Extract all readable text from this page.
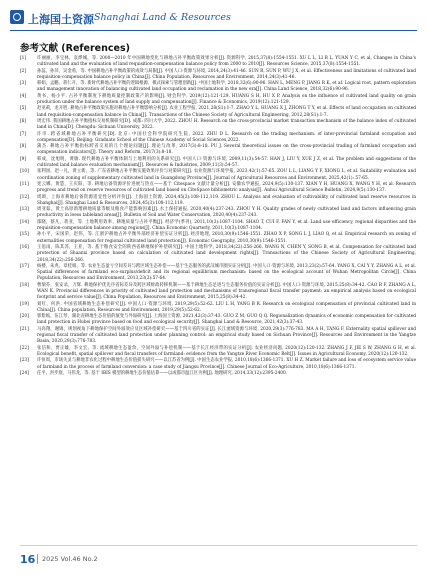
上海国土资源 Shanghai Land & Resources
参考文献 (References)
[1]	许丽丽，李宝林，袁烨城，等. 2000—2010 年中国耕地变化与耕地占补平衡政策效果分析[J]. 资源科学, 2015,37(8):1554-1551. XU L L, LI B L, YUAN Y C, et al. Changes in China's cultivated land and the evaluation of land requisition-compensation balance policy from 2000 to 2010[J]. Resources Science, 2015,37(8):1554-1551.
[2]	孙蕊，孙萍，吴金希，等. 中国耕地占补平衡政策的成效与局限[J]. 中国人口·资源与环境, 2014,24(3):41-46. SUN R, SUN P, WU J X, et al. Effectiveness and limitations of cultivated land requisition-compensation balance policy in China[J]. China Population, Resources and Environment, 2014,24(3):41-46.
[3]	韩娟，孟鹏，蒋仁开，等. 新时代耕地占补平衡的逻辑根源、模式探索与管理创新[J]. 中国土地科学, 2018,32(6):90-96. HAN L, MENG P, JIANG R K, et al. Logical root, pattern exploration and management innovation of balancing cultivated land occupation and reclamation in the new era[J]. China Land Science, 2018,32(6):90-96.
[4]	黄书，杨小平. 占补平衡制度下耕地质量控制政策产的影响[J]. 财会科学, 2019(12):121-129. HUANG S H, HU X P. Analysis on the influence of cultivated land quality on grain production under the balance system of land supply and compensation[J]. Finance & Economics, 2019(12):121-129.
[5]	赵亚莉，龙开胜. 耕地占补平衡政策实施对耕地占补平衡影响分析[J]. 农业工程学报, 2021,28(S1):1-7. ZHAO Y L, HUANG X J, ZHONG T Y, et al. Effects of land occupation on cultivated land requisition-compensation balance in China[J]. Transactions of the Chinese Society of Agricultural Engineering, 2012,28(S1):1-7.
[6]	周宏伟. 我国耕地占补平衡指标交易机制研究[D]. 成都: 四川大学, 2022. ZHOU H. Research on the cross-provincial market transaction mechanism of the balance index of cultivated land in China[D]. Chengdu: Sichuan University, 2022.
[7]	许市. 跨省域耕地占补平衡研究[D]. 北京: 中国社会科学院研究生院, 2022. ZHU D L. Research on the trading mechanism. of inter-provincial farmland occupation and compensation[D]. Beijing: Graduate School of the Chinese Academy of Social Sciences,2022.
[8]	蒲杰. 耕地占补平衡指标跨省交易的几个理论问题[J]. 理论与改革, 2017(3):8-18. PU J. Several theoretical issues on the cross-provincial trading of farmland occupation and compensation indicators[J]. Theory and Reform, 2017(3):8-18.
[9]	韩成，沈旭明，黄敏. 现代耕地占补平衡体制与土地利用的关系研究[J]. 中国人口·资源与环境, 2009,11(3):54-57. HAN J, LIU Y, XUE J Z, et al. The problem and suggestions of the cultivated land balance evaluation mechanism[J]. Resources & Industries, 2009,11(3):54-57.
[10] 张利国，赵一凡，黄立新，等. 广东省耕地占补平衡实施效果评价与对策研究[J]. 农业资源与环境学报, 2023,42(1):57-65. ZOU L L, LIANG Y F, XIONG L, et al. Suitability evaluation and coordination zoning of supplementary cultivated land in Guangdong Province[J]. Journal of Agricultural Resources and Environment, 2025,42(1): 57-65.
[11] 宪云娜，黄慧，王庆阳，等. 耕地后备资源评价进展与热点——基于 Citespace 文献计量分析[J]. 安徽农学通报, 2024,9(5):130-137. XIAN Y H, HUANG X, WANG Y H, et al. Research progress and trend on reserve resources of cultivated land based on CiteSpace bibliometric analysis[J]. Anhui Agricultural Science Bulletin, 2024,9(5):130-137.
[12] 周颂，上海市耕地后备资源适宜性分析评价[J]. 上海国土资源, 2024,45(3):108-112,119. ZHOU L. Analysis and evaluation of cultivability of cultivated land reserve resources in Shanghai[J]. Shanghai Land & Resources, 2024,45(3):108-112,119.
[13] 周亚茹，黄土高原新增耕地质量等级及粮食产能影响因素[J]. 水土保持通报, 2020,40(4):237-243. ZHOU Y H. Quality grades of newly cultivated land and factors influencing grain productivity in loess tableland areas[J]. Bulletin of Soil and Water Conservation, 2020,40(4):237-243.
[14] 邵晓，蔡凡，蒋亚，等. 土地利用效率、耕地质量与占补平衡[J]. 经济学(季刊), 2011,10(3):1087-1104. SHAO T, CUI F, FAN Y, et al. Land use efficiency, regional disparities and the requisition-compensation balance among regions[J]. China Economic Quarterly, 2011,10(3):1087-1104.
[15] 孙小平，宋国荣，赵伟，等. 江浙沪耕地占补平衡外部经济补偿实证分析[J]. 经济地理, 2010,30(9):1546-1551. ZHAO X P, SONG L J, LIAO Q, et al. Empirical research on zoning of externalities compensation for regional cultivated land protection[J]. Economic Geography, 2010,30(9):1546-1551.
[16] 王思雨，陈其苏，王亚，等. 基于粮食安全的陕西省耕地保护补偿研究[J]. 中国土地科学, 2018,34(22):256-266. WANG N, CHEN Y, SONG B, et al. Compensation for cultivated land protection of Shaanxi province based on calculation of cultivated land development rights[J]. Transactions of the Chinese Society of Agricultural Engineering, 2018,34(22):256-266.
[17] 杨楼，朱兆，章桂娟，等. 农业生态盈亏空间差异与跨区域生态补偿——基于生态服务的武汉城市圈实证分析[J]. 中国人口·资源与环境, 2013,23(2):57-64. YANG X, CAI Y Y, ZHANG A L, et al. Spatial differences of farmland eco-surplus/deficit and its regional equilibrium mechanism: based on the ecological account of Wuhan Metropolitan Circle[J]. China Population, Resources and Environment, 2013,23(2):57-64.
[18] 曹瑞芬，张安录，万辉. 耕地保护优先序省际差异及跨区域财政转移机制——基于耕地生态足迹与生态服务价值的实证分析[J]. 中国人口·资源与环境, 2015,25(8):34-42. CAO R F, ZHANG A L, WAN K. Provincial differences in priority of cultivated land protection and mechanisms of transregional fiscal transfer payment: an empirical analysis based on ecological footprint and service value[J]. China Population, Resources and Environment, 2015,25(8):34-42.
[19] 刘红，何洪. 中国省域耕地生态补偿研究[J]. 中国人口·资源与环境, 2019,29(5):52-62. LIU L H, YANG B R. Research on ecological compensation of provincial cultivated land in China[J]. China population, Resources and Environment, 2019,29(5):52-62.
[20] 郭紫嫣，伍江琴，湖北省耕地生态价值的演变与外溢研究[J]. 上海国土资源, 2021,42(3):37-43. GUO Z M, GUO Q Q. Regionalization dynamics of economic compensation for cultivated land protection in Hubei province based on food and ecological security[J]. Shanghai Land & Resource, 2021,42(3):37-43.
[21] 马高翔，谢锦，规划视角下耕地保护空间外溢效应及区域补偿研究——基于四川省的实证[J]. 长江流域资源与环境, 2020,29(3):776-783. MA A H, TANG F. Externality spatial spillover and regional fiscal transfer of cultivated land protection under planning control: an empirical study based on Sichuan Province[J]. Resources and Environment in the Yangtze Basin, 2020,29(3):776-783.
[22] 张信和，贾正雄，李文宏，等. 流域耕地生态盈余、空间外溢与补偿机制——基于长江经济带的实证分析[J]. 农业经济问题, 2020(12):120-132. ZHANG J F, JIE S W, ZHANG G H, et al. Ecological benefit, spatial spillover and fiscal transfers of farmland: evidence from the Yangtze River Economic Belt[J]. Issues in Agricultural Economy, 2020(12):120-132.
[23] 许恒周，市场失灵与耕地非农化过程中耕地生态价值损失研究——以江苏省为例[J]. 中国生态农业学报, 2010,18(6):1366-1371. XU H Z. Market failure and loss of ecosystem service value of farmland in the process of farmland conversion: a case study of Jiangsu Province[J]. Chinese Journal of Eco-Agriculture, 2010,18(6):1366-1371.
[24] 任平，洪步庭，马伟龙，等. 基于 IBIS 模型的耕地生态价值估算——以成都市温江区为例[J]. 地理研究, 2014,33(12):2395-2400.
16 2025 Vol.46 No.2
